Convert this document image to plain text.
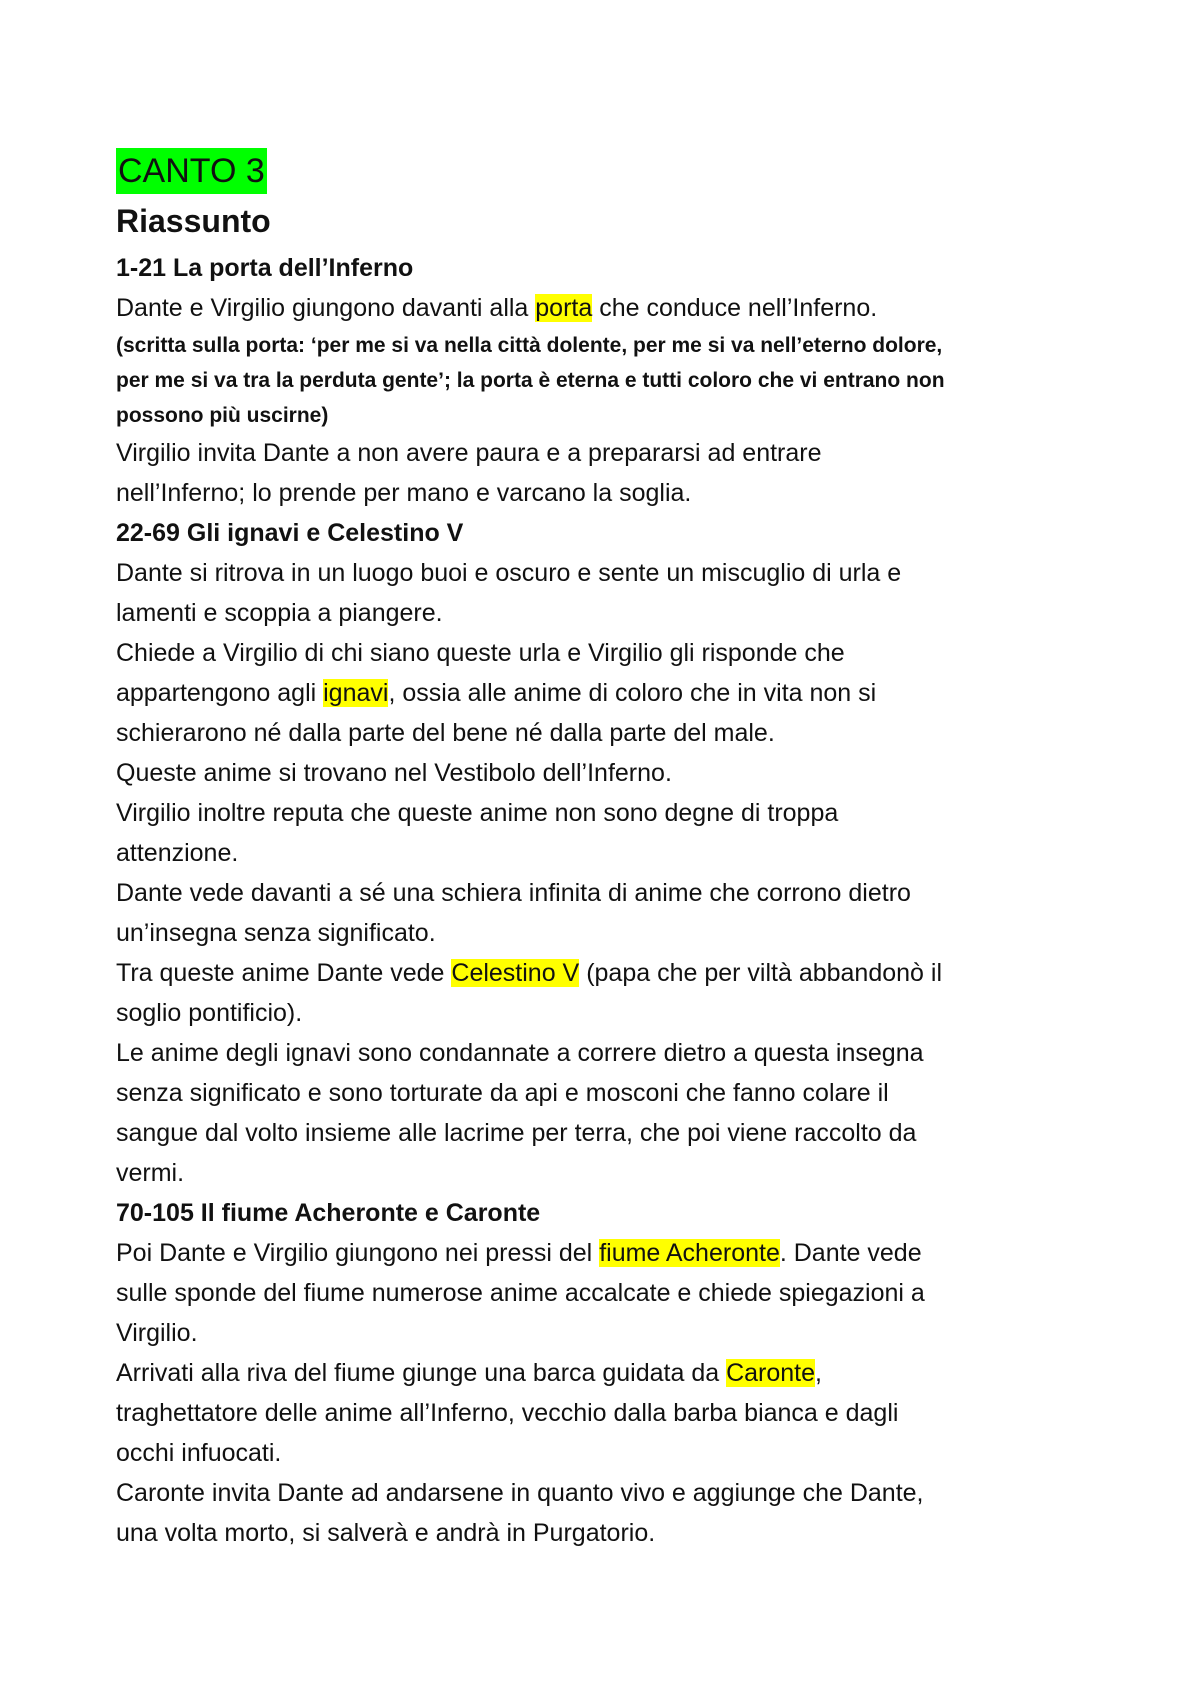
CANTO 3
Riassunto
1-21 La porta dell’Inferno
Dante e Virgilio giungono davanti alla porta che conduce nell’Inferno.
(scritta sulla porta: ‘per me si va nella città dolente, per me si va nell’eterno dolore,
per me si va tra la perduta gente’; la porta è eterna e tutti coloro che vi entrano non
possono più uscirne)
Virgilio invita Dante a non avere paura e a prepararsi ad entrare
nell’Inferno; lo prende per mano e varcano la soglia.
22-69 Gli ignavi e Celestino V
Dante si ritrova in un luogo buoi e oscuro e sente un miscuglio di urla e
lamenti e scoppia a piangere.
Chiede a Virgilio di chi siano queste urla e Virgilio gli risponde che
appartengono agli ignavi, ossia alle anime di coloro che in vita non si
schierarono né dalla parte del bene né dalla parte del male.
Queste anime si trovano nel Vestibolo dell’Inferno.
Virgilio inoltre reputa che queste anime non sono degne di troppa
attenzione.
Dante vede davanti a sé una schiera infinita di anime che corrono dietro
un’insegna senza significato.
Tra queste anime Dante vede Celestino V (papa che per viltà abbandonò il
soglio pontificio).
Le anime degli ignavi sono condannate a correre dietro a questa insegna
senza significato e sono torturate da api e mosconi che fanno colare il
sangue dal volto insieme alle lacrime per terra, che poi viene raccolto da
vermi.
70-105 Il fiume Acheronte e Caronte
Poi Dante e Virgilio giungono nei pressi del fiume Acheronte. Dante vede
sulle sponde del fiume numerose anime accalcate e chiede spiegazioni a
Virgilio.
Arrivati alla riva del fiume giunge una barca guidata da Caronte,
traghettatore delle anime all’Inferno, vecchio dalla barba bianca e dagli
occhi infuocati.
Caronte invita Dante ad andarsene in quanto vivo e aggiunge che Dante,
una volta morto, si salverà e andrà in Purgatorio.
